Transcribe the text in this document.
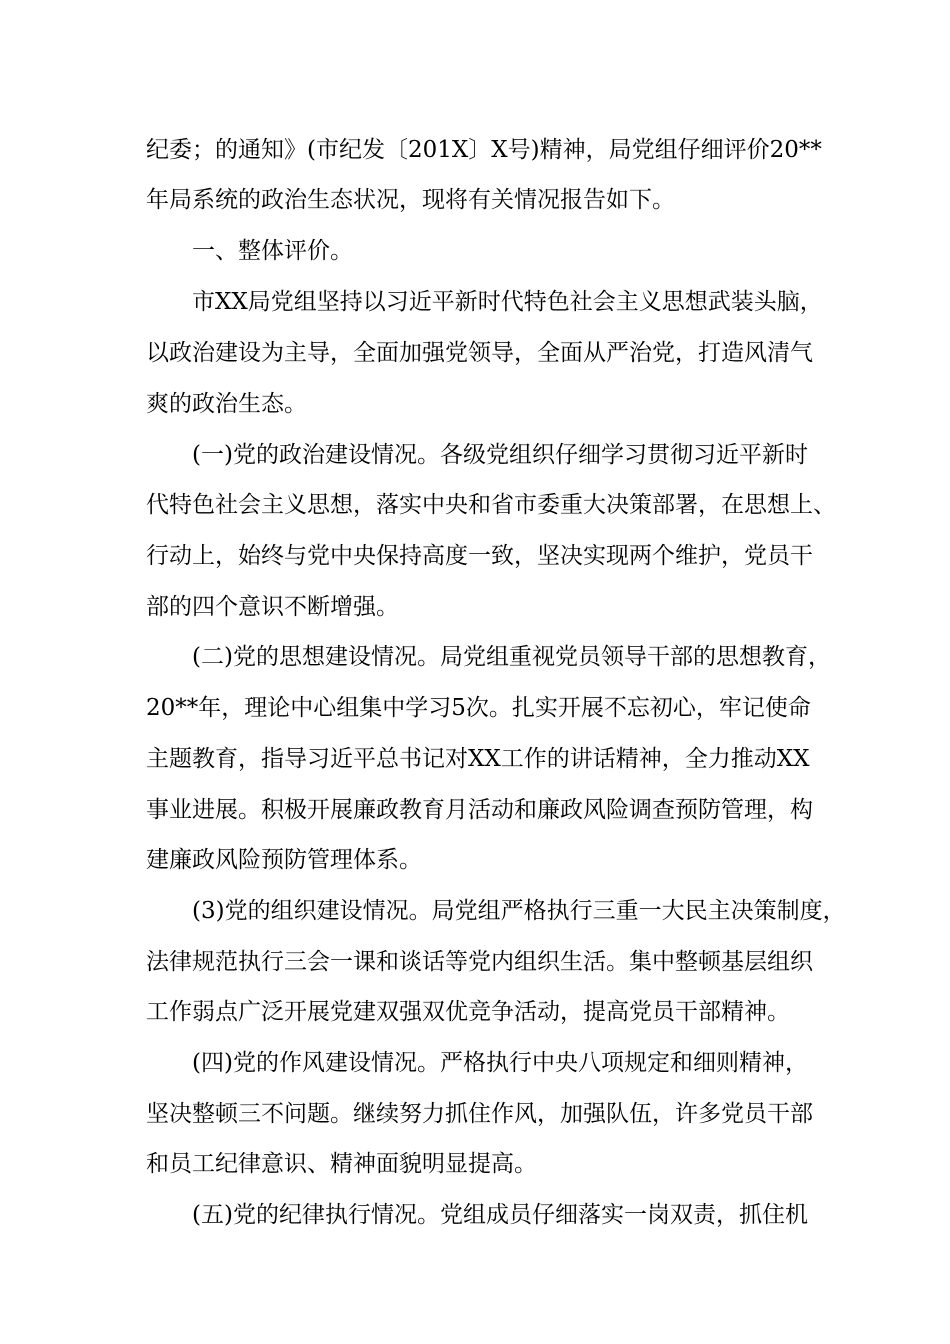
纪委；的通知》(市纪发〔201X〕X号)精神，局党组仔细评价20**

年局系统的政治生态状况，现将有关情况报告如下。

一、整体评价。

市XX局党组坚持以习近平新时代特色社会主义思想武装头脑，

以政治建设为主导，全面加强党领导，全面从严治党，打造风清气

爽的政治生态。

(一)党的政治建设情况。各级党组织仔细学习贯彻习近平新时

代特色社会主义思想，落实中央和省市委重大决策部署，在思想上、

行动上，始终与党中央保持高度一致，坚决实现两个维护，党员干

部的四个意识不断增强。

(二)党的思想建设情况。局党组重视党员领导干部的思想教育，

20**年，理论中心组集中学习5次。扎实开展不忘初心，牢记使命

主题教育，指导习近平总书记对XX工作的讲话精神，全力推动XX

事业进展。积极开展廉政教育月活动和廉政风险调查预防管理，构

建廉政风险预防管理体系。

(3)党的组织建设情况。局党组严格执行三重一大民主决策制度，

法律规范执行三会一课和谈话等党内组织生活。集中整顿基层组织

工作弱点广泛开展党建双强双优竞争活动，提高党员干部精神。

(四)党的作风建设情况。严格执行中央八项规定和细则精神，

坚决整顿三不问题。继续努力抓住作风，加强队伍，许多党员干部

和员工纪律意识、精神面貌明显提高。

(五)党的纪律执行情况。党组成员仔细落实一岗双责，抓住机
